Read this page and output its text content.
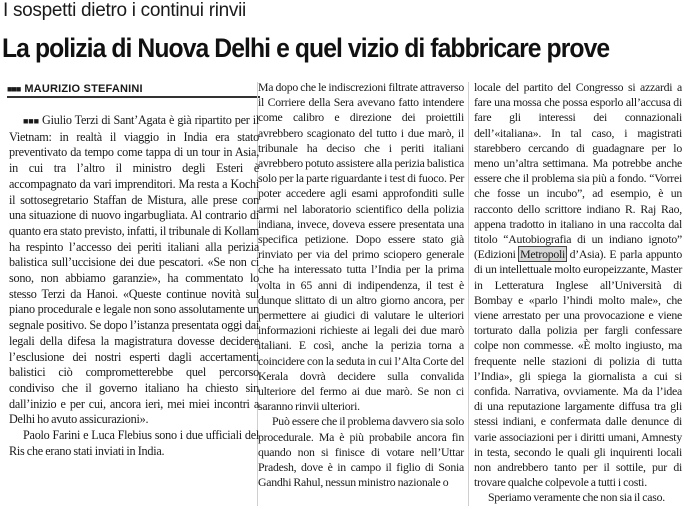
I sospetti dietro i continui rinvii
La polizia di Nuova Delhi e quel vizio di fabbricare prove
■■■ MAURIZIO STEFANINI

■■■ Giulio Terzi di Sant’Agata è già ripartito per il Vietnam: in realtà il viaggio in India era stato preventivato da tempo come tappa di un tour in Asia, in cui tra l’altro il ministro degli Esteri è accompagnato da vari imprenditori. Ma resta a Kochi il sottosegretario Staffan de Mistura, alle prese con una situazione di nuovo ingarbugliata. Al contrario di quanto era stato previsto, infatti, il tribunale di Kollam ha respinto l’accesso dei periti italiani alla perizia balistica sull’uccisione dei due pescatori. «Se non ci sono, non abbiamo garanzie», ha commentato lo stesso Terzi da Hanoi. «Queste continue novità sul piano procedurale e legale non sono assolutamente un segnale positivo. Se dopo l’istanza presentata oggi dai legali della difesa la magistratura dovesse decidere l’esclusione dei nostri esperti dagli accertamenti balistici ciò comprometterebbe quel percorso condiviso che il governo italiano ha chiesto sin dall’inizio e per cui, ancora ieri, mei miei incontri a Delhi ho avuto assicurazioni».

Paolo Farini e Luca Flebius sono i due ufficiali del Ris che erano stati inviati in India.

Ma dopo che le indiscrezioni filtrate attraverso il Corriere della Sera avevano fatto intendere come calibro e direzione dei proiettili avrebbero scagionato del tutto i due marò, il tribunale ha deciso che i periti italiani avrebbero potuto assistere alla perizia balistica solo per la parte riguardante i test di fuoco. Per poter accedere agli esami approfonditi sulle armi nel laboratorio scientifico della polizia indiana, invece, doveva essere presentata una specifica petizione. Dopo essere stato già rinviato per via del primo sciopero generale che ha interessato tutta l’India per la prima volta in 65 anni di indipendenza, il test è dunque slittato di un altro giorno ancora, per permettere ai giudici di valutare le ulteriori informazioni richieste ai legali dei due marò italiani. E così, anche la perizia torna a coincidere con la seduta in cui l’Alta Corte del Kerala dovrà decidere sulla convalida ulteriore del fermo ai due marò. Se non ci saranno rinvii ulteriori.

Può essere che il problema davvero sia solo procedurale. Ma è più probabile ancora fin quando non si finisce di votare nell’Uttar Pradesh, dove è in campo il figlio di Sonia Gandhi Rahul, nessun ministro nazionale o

locale del partito del Congresso si azzardi a fare una mossa che possa esporlo all’accusa di fare gli interessi dei connazionali dell’«italiana». In tal caso, i magistrati starebbero cercando di guadagnare per lo meno un’altra settimana. Ma potrebbe anche essere che il problema sia più a fondo. “Vorrei che fosse un incubo”, ad esempio, è un racconto dello scrittore indiano R. Raj Rao, appena tradotto in italiano in una raccolta dal titolo “Autobiografia di un indiano ignoto” (Edizioni Metropoli d’Asia). E parla appunto di un intellettuale molto europeizzante, Master in Letteratura Inglese all’Università di Bombay e «parlo l’hindi molto male», che viene arrestato per una provocazione e viene torturato dalla polizia per fargli confessare colpe non commesse. «È molto ingiusto, ma frequente nelle stazioni di polizia di tutta l’India», gli spiega la giornalista a cui si confida. Narrativa, ovviamente. Ma da l’idea di una reputazione largamente diffusa tra gli stessi indiani, e confermata dalle denunce di varie associazioni per i diritti umani, Amnesty in testa, secondo le quali gli inquirenti locali non andrebbero tanto per il sottile, pur di trovare qualche colpevole a tutti i costi.

Speriamo veramente che non sia il caso.
